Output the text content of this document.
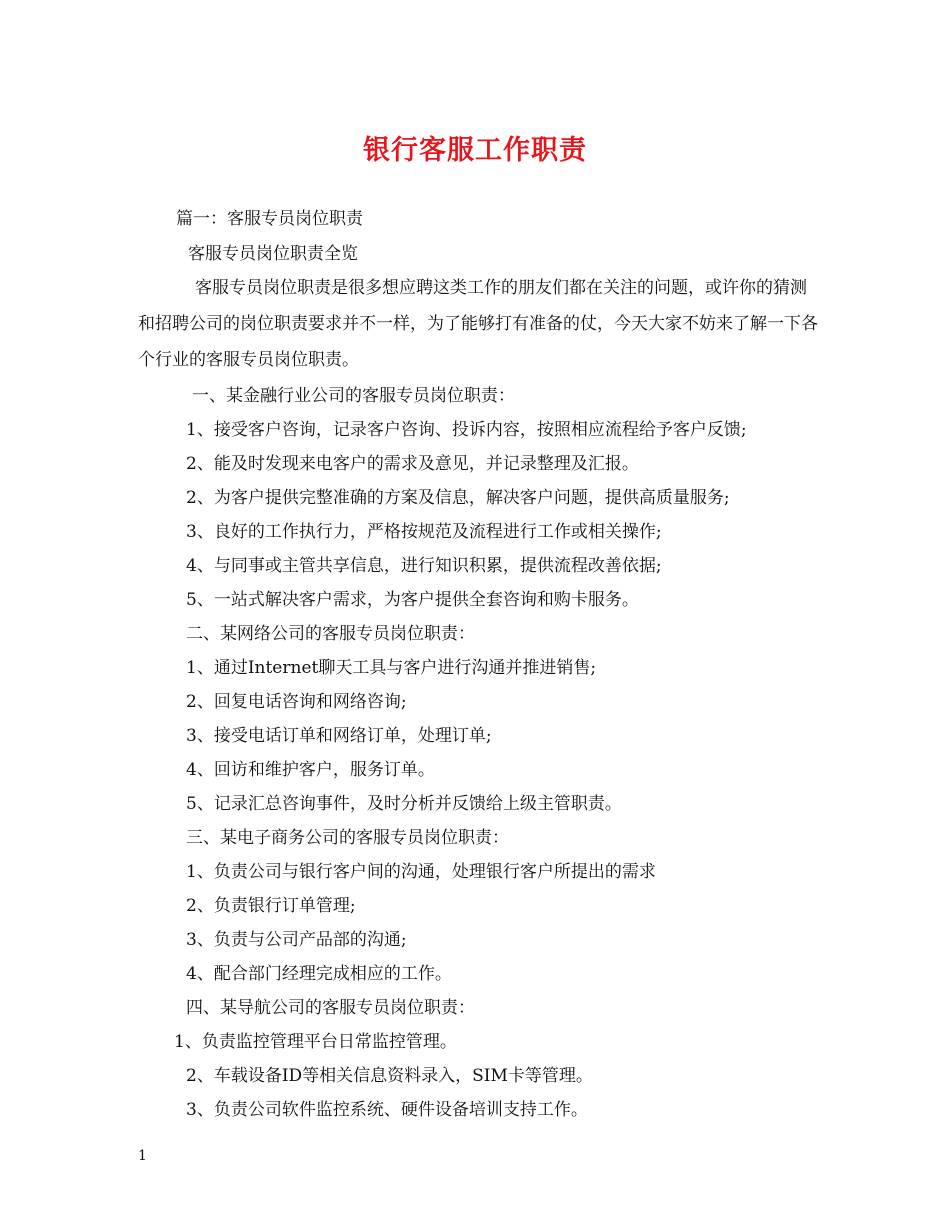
银行客服工作职责
篇一：客服专员岗位职责
客服专员岗位职责全览
客服专员岗位职责是很多想应聘这类工作的朋友们都在关注的问题，或许你的猜测和招聘公司的岗位职责要求并不一样，为了能够打有准备的仗，今天大家不妨来了解一下各个行业的客服专员岗位职责。
一、某金融行业公司的客服专员岗位职责：
1、接受客户咨询，记录客户咨询、投诉内容，按照相应流程给予客户反馈;
2、能及时发现来电客户的需求及意见，并记录整理及汇报。
2、为客户提供完整准确的方案及信息，解决客户问题，提供高质量服务;
3、良好的工作执行力，严格按规范及流程进行工作或相关操作;
4、与同事或主管共享信息，进行知识积累，提供流程改善依据;
5、一站式解决客户需求，为客户提供全套咨询和购卡服务。
二、某网络公司的客服专员岗位职责：
1、通过Internet聊天工具与客户进行沟通并推进销售;
2、回复电话咨询和网络咨询;
3、接受电话订单和网络订单，处理订单;
4、回访和维护客户，服务订单。
5、记录汇总咨询事件，及时分析并反馈给上级主管职责。
三、某电子商务公司的客服专员岗位职责：
1、负责公司与银行客户间的沟通，处理银行客户所提出的需求
2、负责银行订单管理;
3、负责与公司产品部的沟通;
4、配合部门经理完成相应的工作。
四、某导航公司的客服专员岗位职责：
1、负责监控管理平台日常监控管理。
2、车载设备ID等相关信息资料录入，SIM卡等管理。
3、负责公司软件监控系统、硬件设备培训支持工作。
1
